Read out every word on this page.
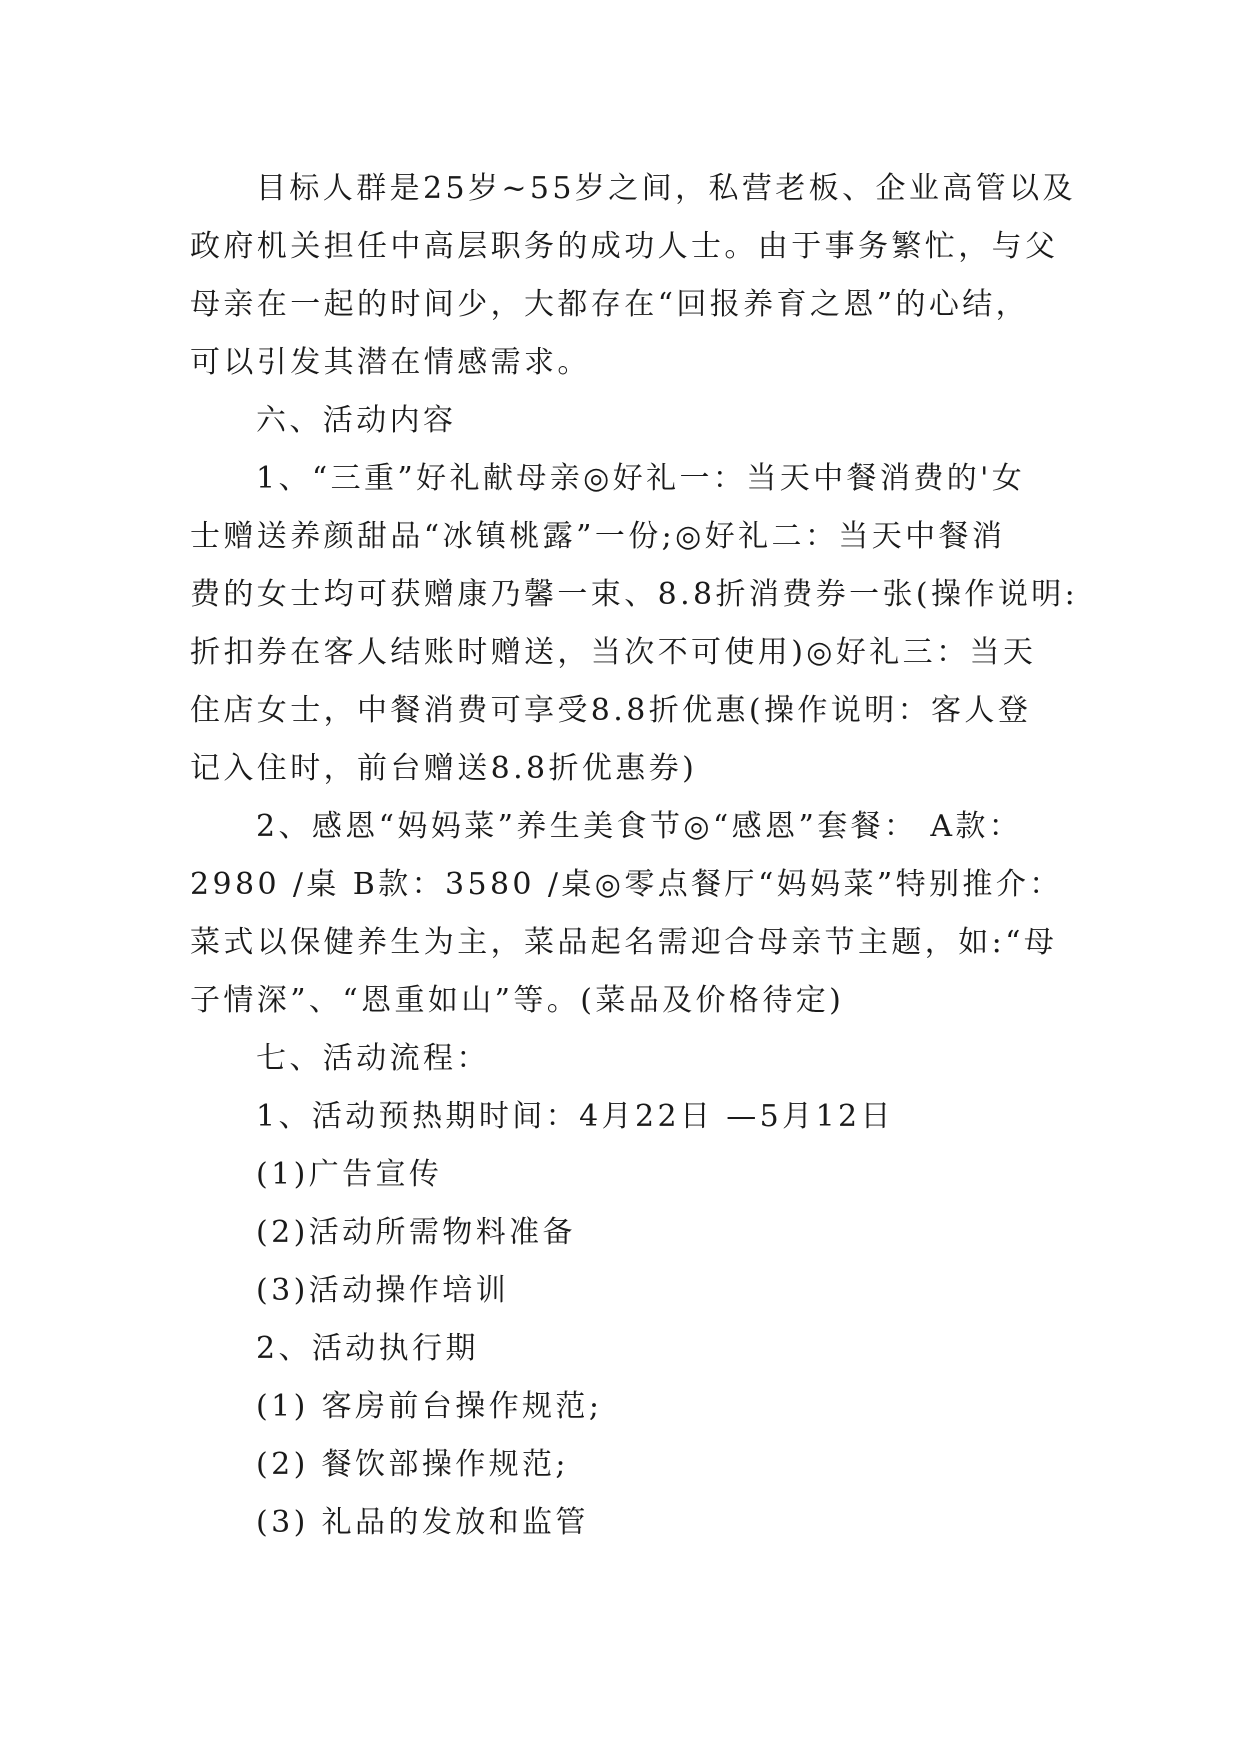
目标人群是25岁~55岁之间，私营老板、企业高管以及
政府机关担任中高层职务的成功人士。由于事务繁忙，与父
母亲在一起的时间少，大都存在“回报养育之恩”的心结，
可以引发其潜在情感需求。
六、活动内容
1、“三重”好礼献母亲◎好礼一：当天中餐消费的'女
士赠送养颜甜品“冰镇桃露”一份;◎好礼二：当天中餐消
费的女士均可获赠康乃馨一束、8.8折消费券一张(操作说明:
折扣券在客人结账时赠送，当次不可使用)◎好礼三：当天
住店女士，中餐消费可享受8.8折优惠(操作说明：客人登
记入住时，前台赠送8.8折优惠券)
2、感恩“妈妈菜”养生美食节◎“感恩”套餐： A款：
2980 /桌 B款：3580 /桌◎零点餐厅“妈妈菜”特别推介：
菜式以保健养生为主，菜品起名需迎合母亲节主题，如:“母
子情深”、“恩重如山”等。(菜品及价格待定)
七、活动流程：
1、活动预热期时间：4月22日 —5月12日
(1)广告宣传
(2)活动所需物料准备
(3)活动操作培训
2、活动执行期
(1) 客房前台操作规范;
(2) 餐饮部操作规范;
(3) 礼品的发放和监管
